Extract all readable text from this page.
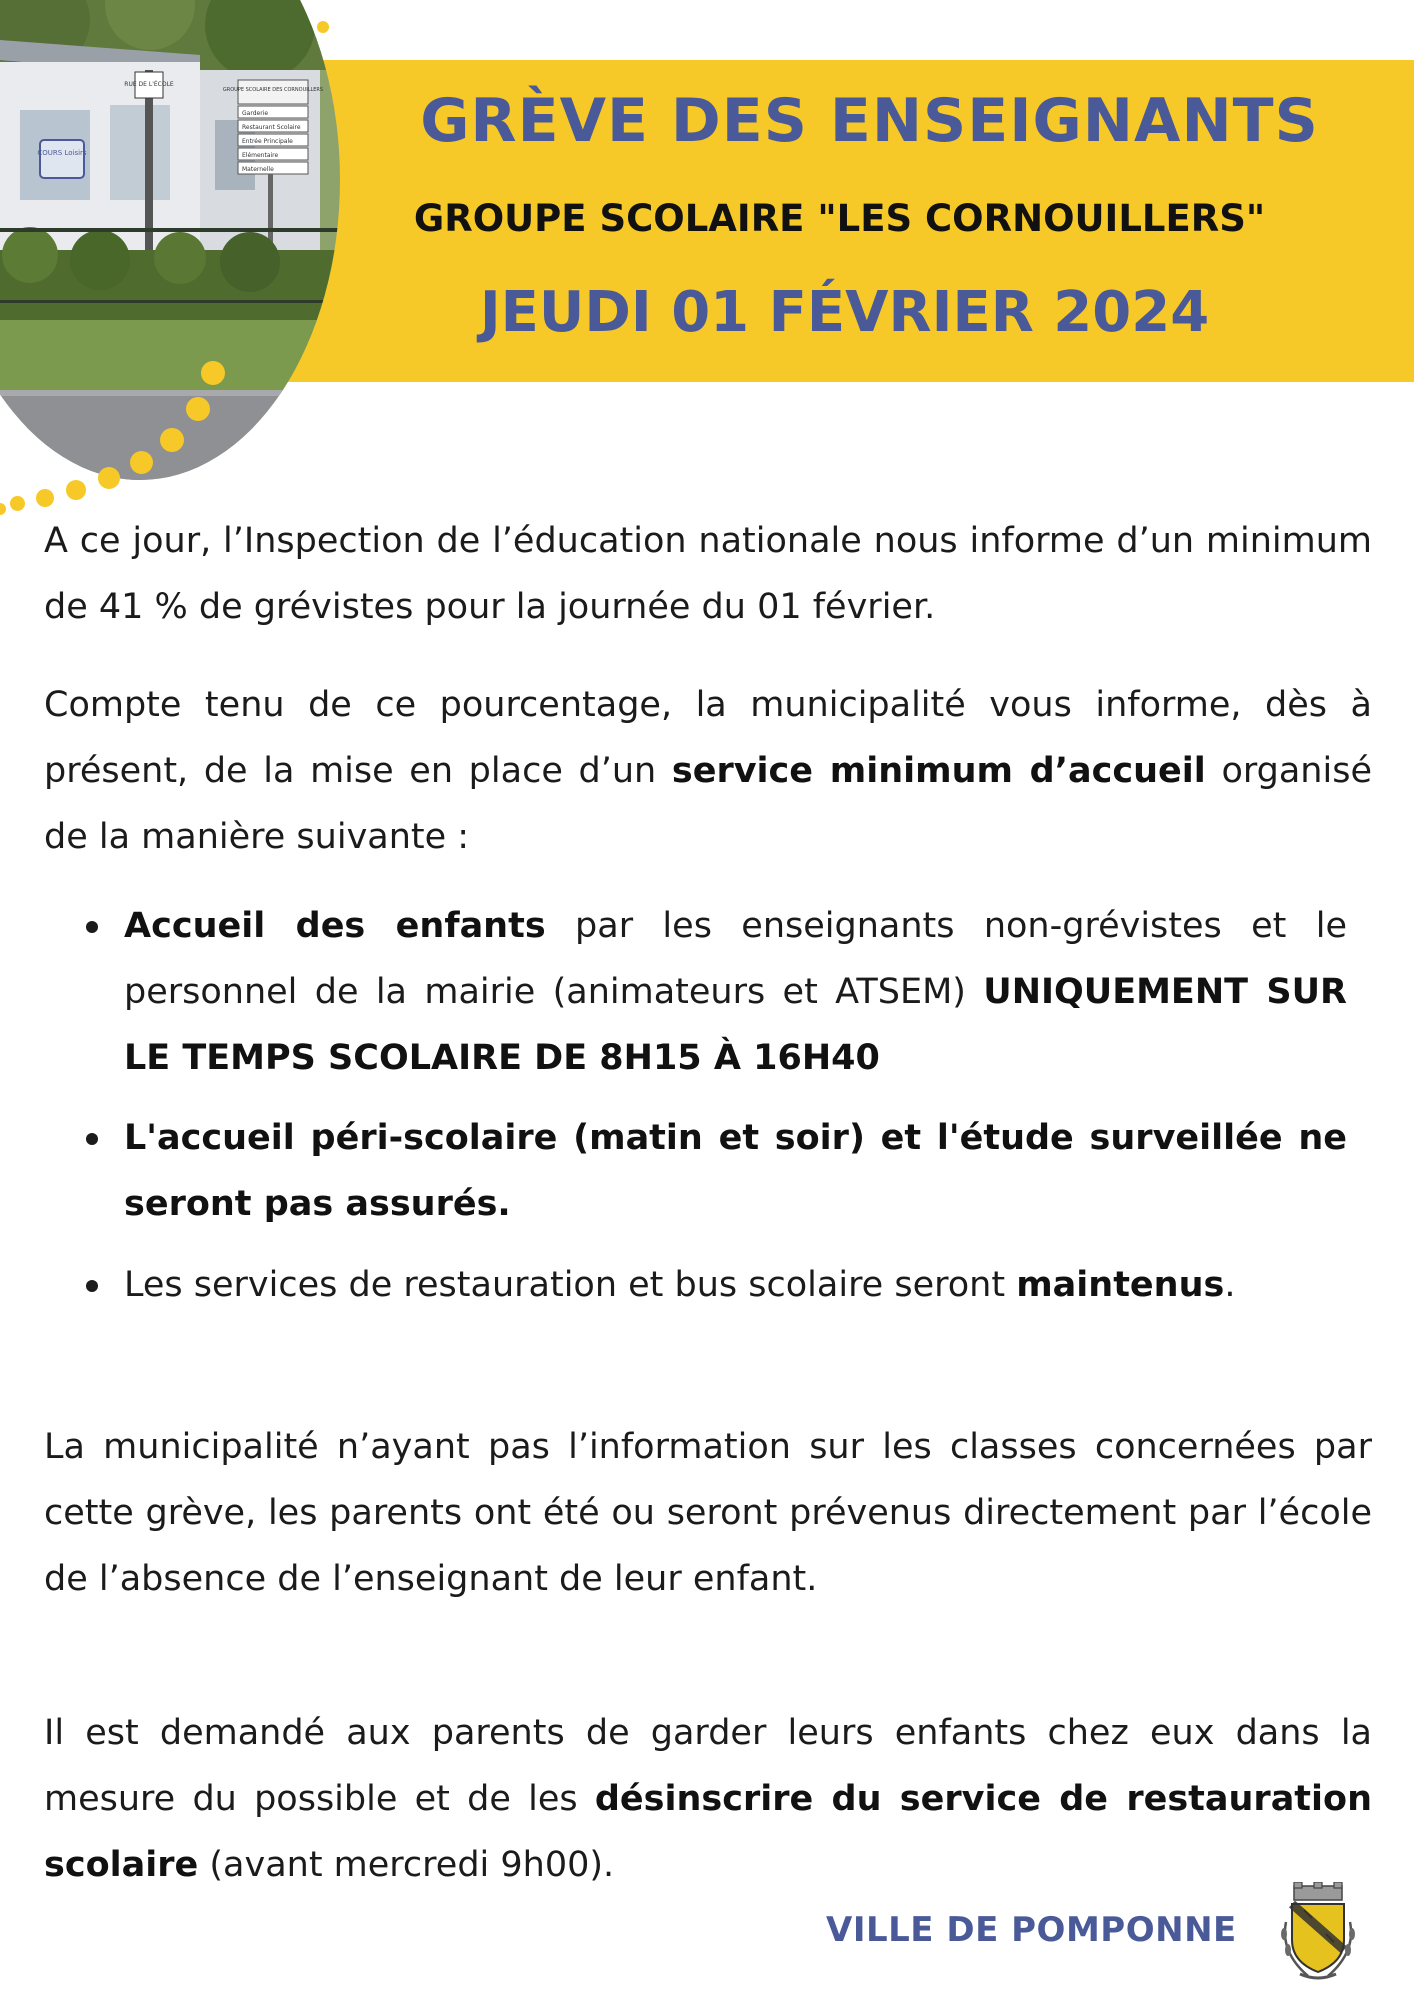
RUE DE L'ÉCOLE
GROUPE SCOLAIRE DES CORNOUILLERS
Garderie
Restaurant Scolaire
Entrée Principale
Elémentaire
Maternelle
COURS Loisirs	GRÈVE DES ENSEIGNANTS
GROUPE SCOLAIRE "LES CORNOUILLERS"
JEUDI 01 FÉVRIER 2024

A ce jour, l’Inspection de l’éducation nationale nous informe d’un minimum de 41 % de grévistes pour la journée du 01 février.

Compte tenu de ce pourcentage, la municipalité vous informe, dès à présent, de la mise en place d’un service minimum d’accueil organisé de la manière suivante :

Accueil des enfants par les enseignants non-grévistes et le personnel de la mairie (animateurs et ATSEM) UNIQUEMENT SUR LE TEMPS SCOLAIRE DE 8H15 À 16H40
L'accueil péri-scolaire (matin et soir) et l'étude surveillée ne seront pas assurés.
Les services de restauration et bus scolaire seront maintenus.

La municipalité n’ayant pas l’information sur les classes concernées par cette grève, les parents ont été ou seront prévenus directement par l’école de l’absence de l’enseignant de leur enfant.

Il est demandé aux parents de garder leurs enfants chez eux dans la mesure du possible et de les désinscrire du service de restauration scolaire (avant mercredi 9h00).

VILLE DE POMPONNE
